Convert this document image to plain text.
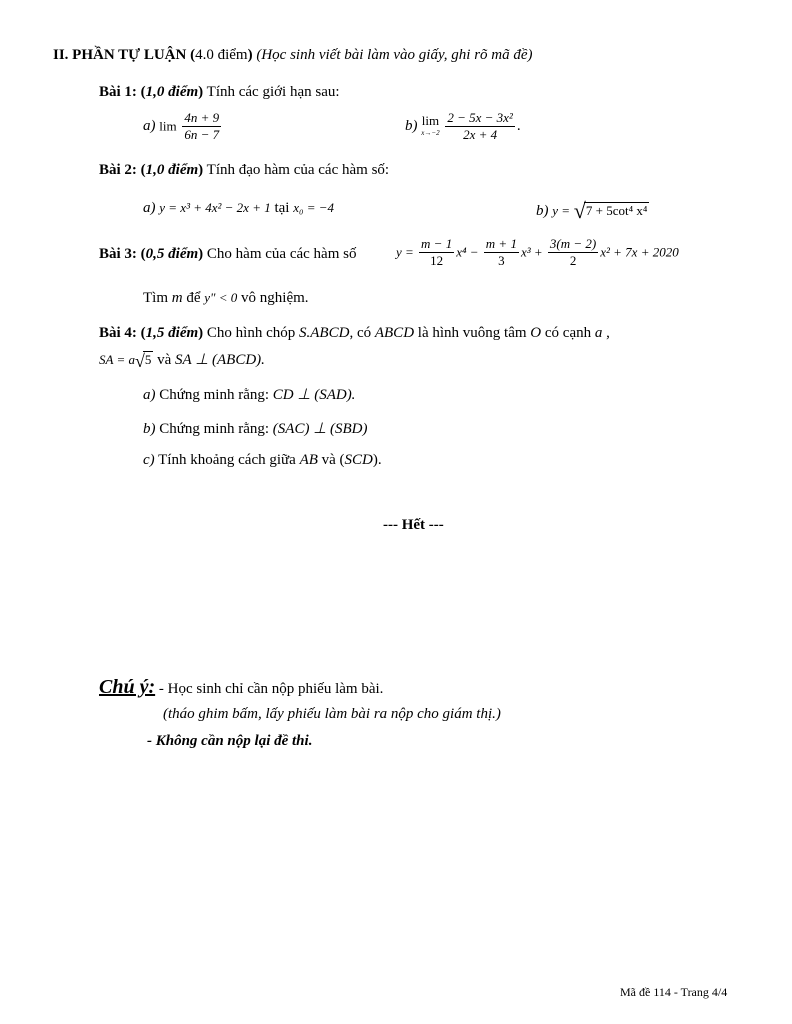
II. PHẦN TỰ LUẬN (4.0 điểm) (Học sinh viết bài làm vào giấy, ghi rõ mã đề)
Bài 1: (1,0 điểm) Tính các giới hạn sau:
a) $\lim \frac{4n + 9}{6n - 7}$	b) lim
x→−2
$\frac{\text{2 − 5x − 3x²}}{2x + 4}$ .
Bài 2: (1,0 điểm) Tính đạo hàm của các hàm số:
a) y = x³ + 4x² − 2x + 1 tại x₀ = −4	b) y = √7 + 5cot⁴ x⁴
Bài 3: (0,5 điểm) Cho hàm của các hàm số	$y = \frac{m - 1}{12} x^4 - \frac{m + 1}{3} x^3 + \frac{3(m - 2)}{2} x^2 + 7x + 2020$
Tìm m để y" < 0 vô nghiệm.
Bài 4: (1,5 điểm) Cho hình chóp S.ABCD, có ABCD là hình vuông tâm O có cạnh a ,
SA = a√5 và SA ⊥ (ABCD).
a) Chứng minh rằng: CD ⊥ (SAD).
b) Chứng minh rằng: (SAC) ⊥ (SBD)
c) Tính khoảng cách giữa AB và (SCD).
--- Hết ---
Chú ý: - Học sinh chỉ cần nộp phiếu làm bài.
(tháo ghim bấm, lấy phiếu làm bài ra nộp cho giám thị.)
- Không cần nộp lại đề thi.
Mã đề 114 - Trang 4/4
